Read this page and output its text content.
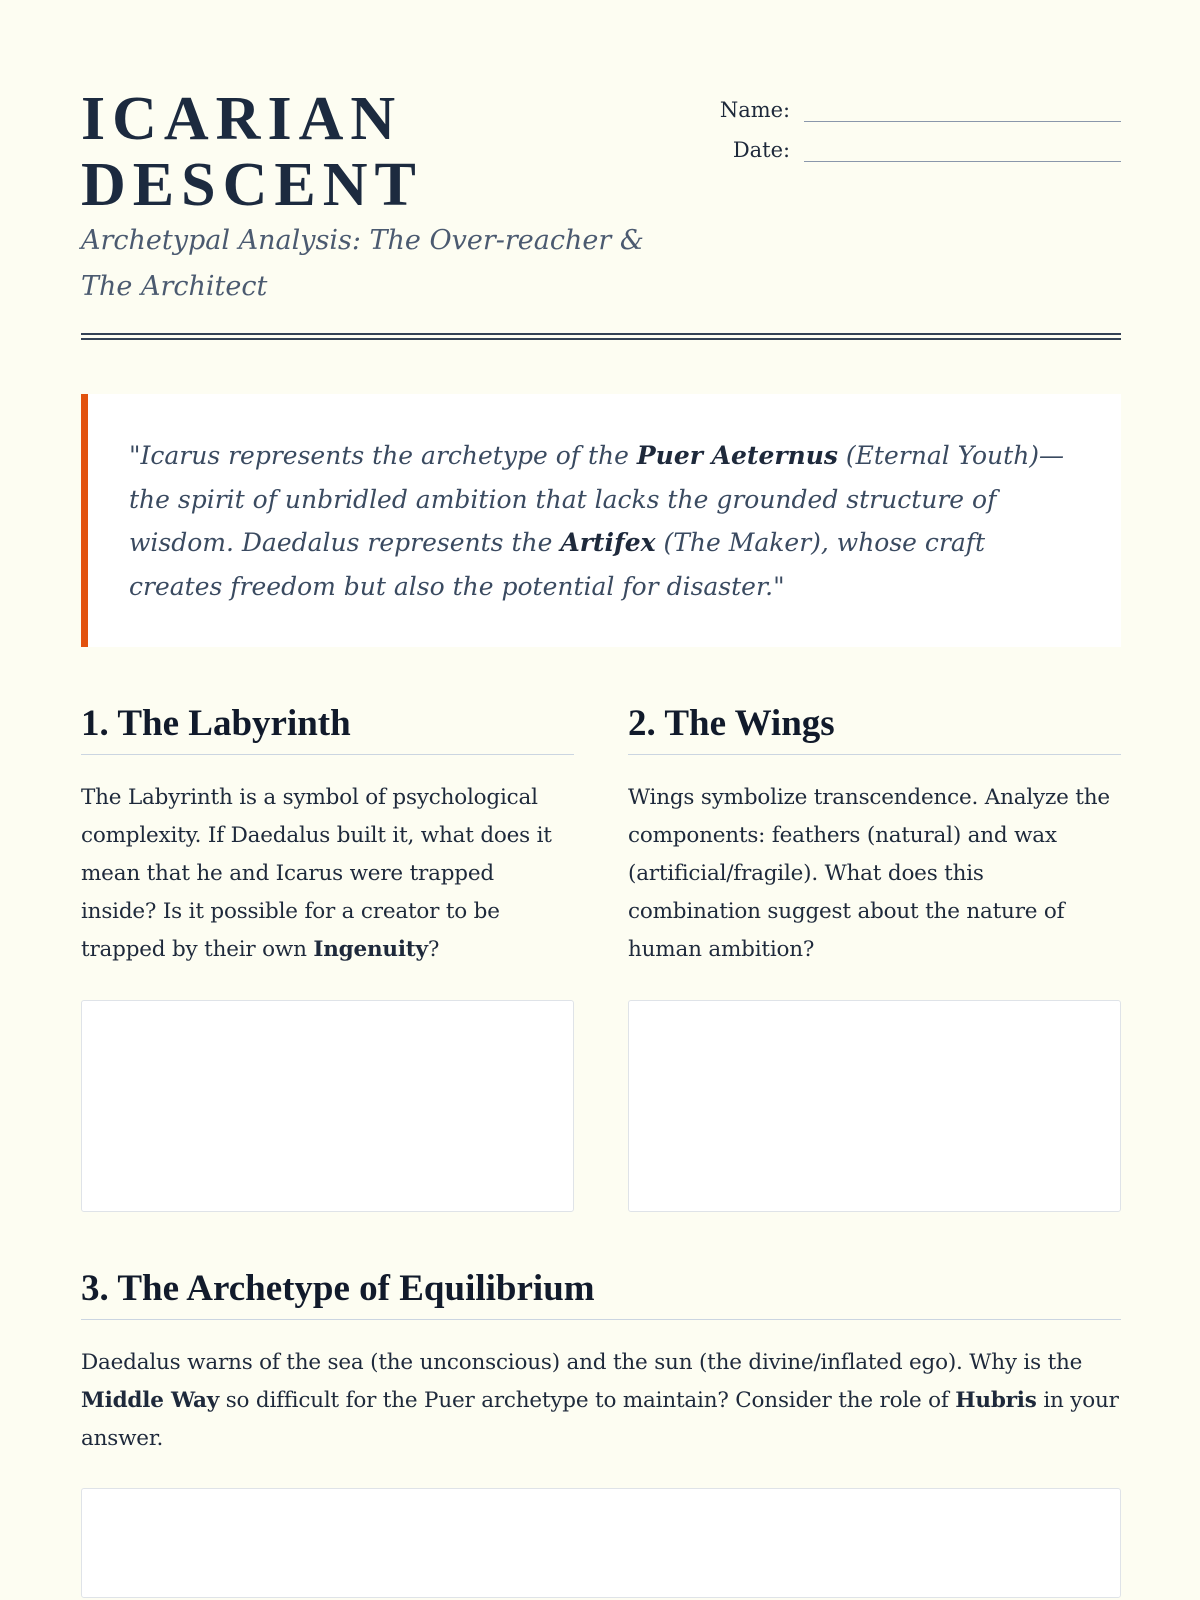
ICARIAN
DESCENT
Archetypal Analysis: The Over-reacher & The Architect
Name:
Date:
"Icarus represents the archetype of the Puer Aeternus (Eternal Youth)—the spirit of unbridled ambition that lacks the grounded structure of wisdom. Daedalus represents the Artifex (The Maker), whose craft creates freedom but also the potential for disaster."
1. The Labyrinth
The Labyrinth is a symbol of psychological complexity. If Daedalus built it, what does it mean that he and Icarus were trapped inside? Is it possible for a creator to be trapped by their own Ingenuity?
2. The Wings
Wings symbolize transcendence. Analyze the components: feathers (natural) and wax (artificial/fragile). What does this combination suggest about the nature of human ambition?
3. The Archetype of Equilibrium
Daedalus warns of the sea (the unconscious) and the sun (the divine/inflated ego). Why is the Middle Way so difficult for the Puer archetype to maintain? Consider the role of Hubris in your answer.
